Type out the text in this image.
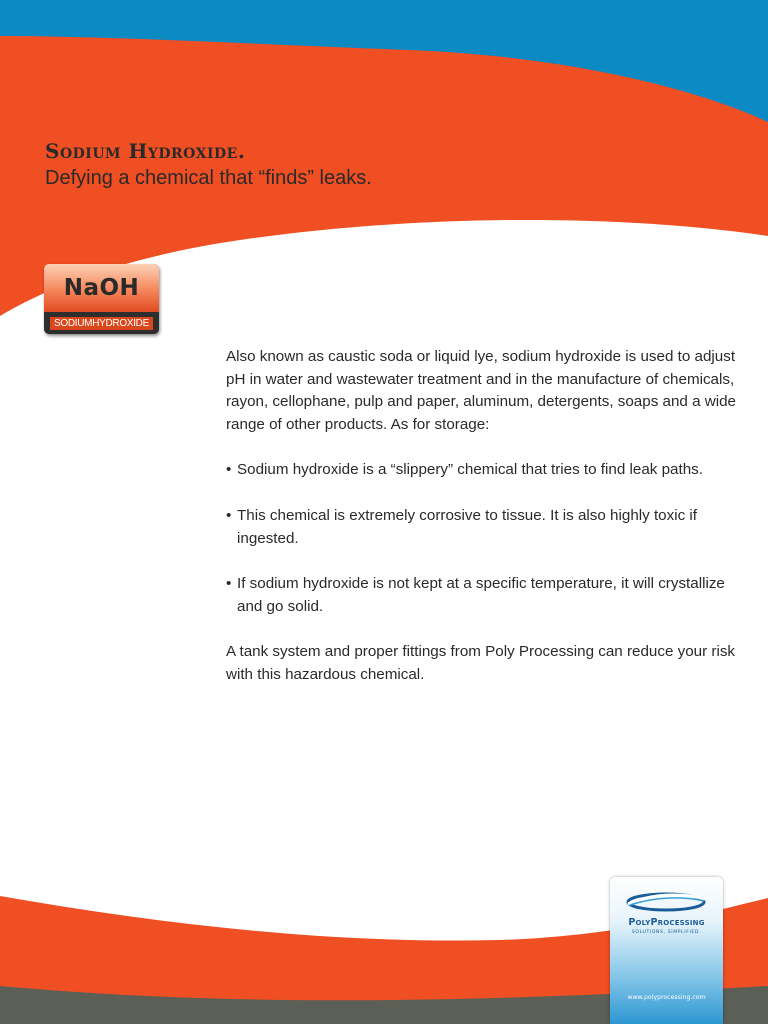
Sodium Hydroxide.
Defying a chemical that “finds” leaks.
NaOH
SODIUMHYDROXIDE

Also known as caustic soda or liquid lye, sodium hydroxide is used to adjust pH in water and wastewater treatment and in the manufacture of chemicals, rayon, cellophane, pulp and paper, aluminum, detergents, soaps and a wide range of other products. As for storage:

• Sodium hydroxide is a “slippery” chemical that tries to find leak paths.
• This chemical is extremely corrosive to tissue. It is also highly toxic if ingested.
• If sodium hydroxide is not kept at a specific temperature, it will crystallize and go solid.

A tank system and proper fittings from Poly Processing can reduce your risk with this hazardous chemical.

PolyProcessing
SOLUTIONS, SIMPLIFIED.
www.polyprocessing.com
